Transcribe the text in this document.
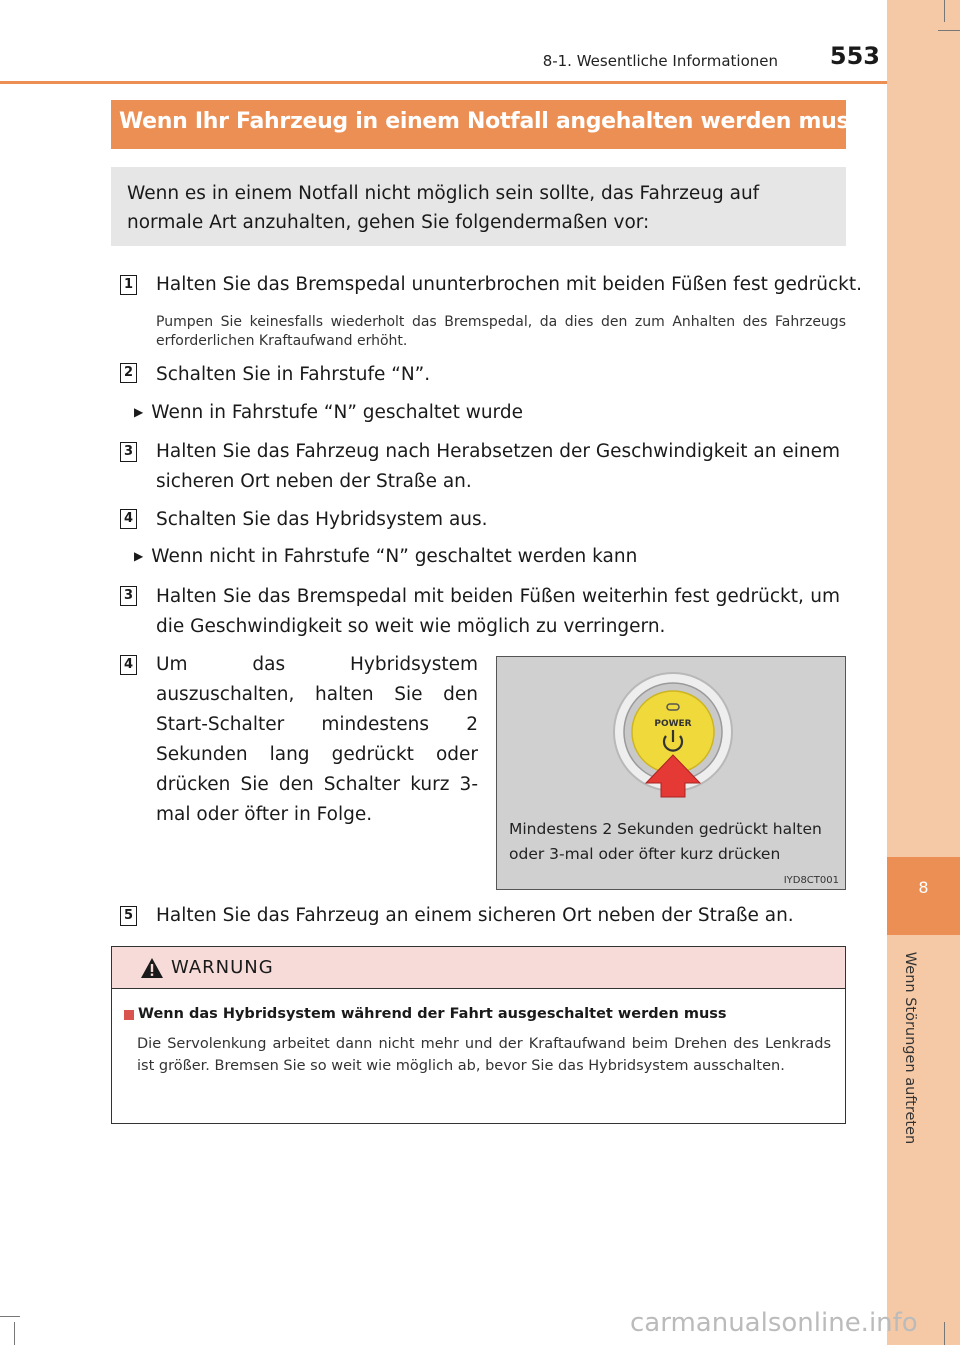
8
Wenn Störungen auftreten
8-1. Wesentliche Informationen	553
Wenn Ihr Fahrzeug in einem Notfall angehalten werden muss

Wenn es in einem Notfall nicht möglich sein sollte, das Fahrzeug auf normale Art anzuhalten, gehen Sie folgendermaßen vor:

1 Halten Sie das Bremspedal ununterbrochen mit beiden Füßen fest gedrückt.

Pumpen Sie keinesfalls wiederholt das Bremspedal, da dies den zum Anhalten des Fahrzeugs erforderlichen Kraftaufwand erhöht.

2 Schalten Sie in Fahrstufe “N”.

▶ Wenn in Fahrstufe “N” geschaltet wurde
3 Halten Sie das Fahrzeug nach Herabsetzen der Geschwindigkeit an einem sicheren Ort neben der Straße an.

4 Schalten Sie das Hybridsystem aus.

▶ Wenn nicht in Fahrstufe “N” geschaltet werden kann
3 Halten Sie das Bremspedal mit beiden Füßen weiterhin fest gedrückt, um die Geschwindigkeit so weit wie möglich zu verringern.

4 Um das Hybridsystem auszuschalten, halten Sie den Start-Schalter mindestens 2 Sekunden lang gedrückt oder drücken Sie den Schalter kurz 3-mal oder öfter in Folge.

POWER
Mindestens 2 Sekunden gedrückt halten
oder 3-mal oder öfter kurz drücken
IYD8CT001
5 Halten Sie das Fahrzeug an einem sicheren Ort neben der Straße an.

WARNUNG
Wenn das Hybridsystem während der Fahrt ausgeschaltet werden muss

Die Servolenkung arbeitet dann nicht mehr und der Kraftaufwand beim Drehen des Lenkrads ist größer. Bremsen Sie so weit wie möglich ab, bevor Sie das Hybridsystem ausschalten.

carmanualsonline.info
